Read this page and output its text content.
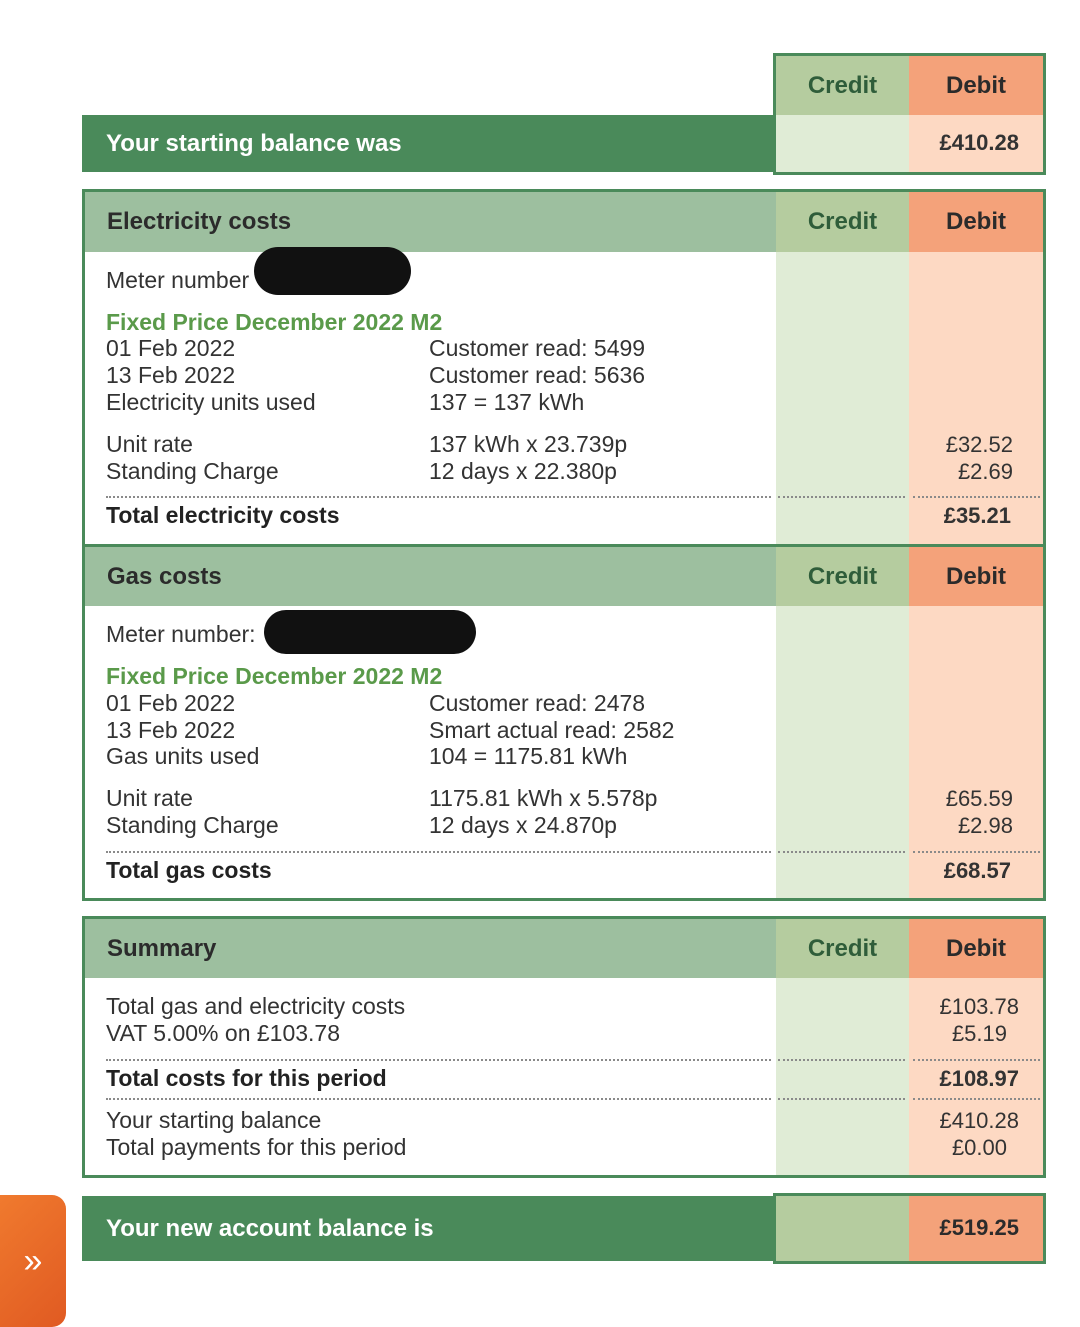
Credit	Debit
Your starting balance was	£410.28
Electricity costs	Credit	Debit
Meter number
Fixed Price December 2022 M2
01 Feb 2022	Customer read: 5499
13 Feb 2022	Customer read: 5636
Electricity units used	137 = 137 kWh
Unit rate	137 kWh x 23.739p	£32.52
Standing Charge	12 days x 22.380p	£2.69
Total electricity costs	£35.21
Gas costs	Credit	Debit
Meter number:
Fixed Price December 2022 M2
01 Feb 2022	Customer read: 2478
13 Feb 2022	Smart actual read: 2582
Gas units used	104 = 1175.81 kWh
Unit rate	1175.81 kWh x 5.578p	£65.59
Standing Charge	12 days x 24.870p	£2.98
Total gas costs	£68.57
Summary	Credit	Debit
Total gas and electricity costs	£103.78
VAT 5.00% on £103.78	£5.19
Total costs for this period	£108.97
Your starting balance	£410.28
Total payments for this period	£0.00
Your new account balance is	£519.25
»
